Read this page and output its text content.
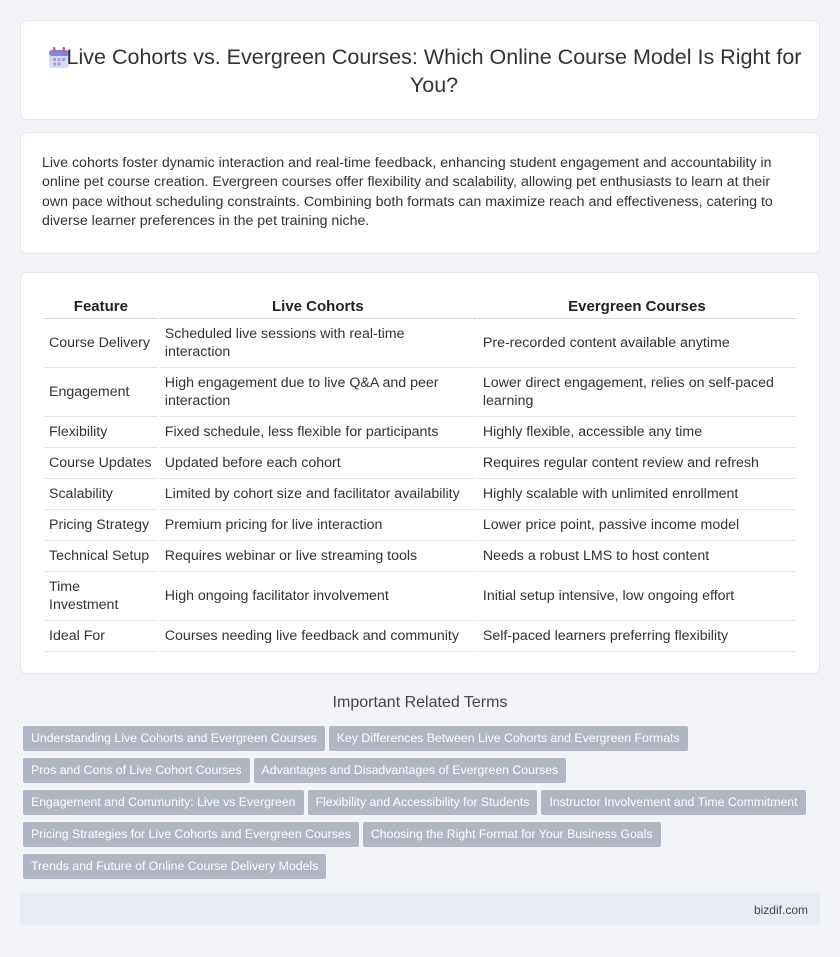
Live Cohorts vs. Evergreen Courses: Which Online Course Model Is Right for You?

Live cohorts foster dynamic interaction and real-time feedback, enhancing student engagement and accountability in online pet course creation. Evergreen courses offer flexibility and scalability, allowing pet enthusiasts to learn at their own pace without scheduling constraints. Combining both formats can maximize reach and effectiveness, catering to diverse learner preferences in the pet training niche.

Feature	Live Cohorts	Evergreen Courses
Course Delivery	Scheduled live sessions with real-time interaction	Pre-recorded content available anytime
Engagement	High engagement due to live Q&A and peer interaction	Lower direct engagement, relies on self-paced learning
Flexibility	Fixed schedule, less flexible for participants	Highly flexible, accessible any time
Course Updates	Updated before each cohort	Requires regular content review and refresh
Scalability	Limited by cohort size and facilitator availability	Highly scalable with unlimited enrollment
Pricing Strategy	Premium pricing for live interaction	Lower price point, passive income model
Technical Setup	Requires webinar or live streaming tools	Needs a robust LMS to host content
Time Investment	High ongoing facilitator involvement	Initial setup intensive, low ongoing effort
Ideal For	Courses needing live feedback and community	Self-paced learners preferring flexibility
Important Related Terms
Understanding Live Cohorts and Evergreen Courses Key Differences Between Live Cohorts and Evergreen Formats
Pros and Cons of Live Cohort Courses Advantages and Disadvantages of Evergreen Courses
Engagement and Community: Live vs Evergreen Flexibility and Accessibility for Students Instructor Involvement and Time Commitment
Pricing Strategies for Live Cohorts and Evergreen Courses Choosing the Right Format for Your Business Goals
Trends and Future of Online Course Delivery Models
bizdif.com
